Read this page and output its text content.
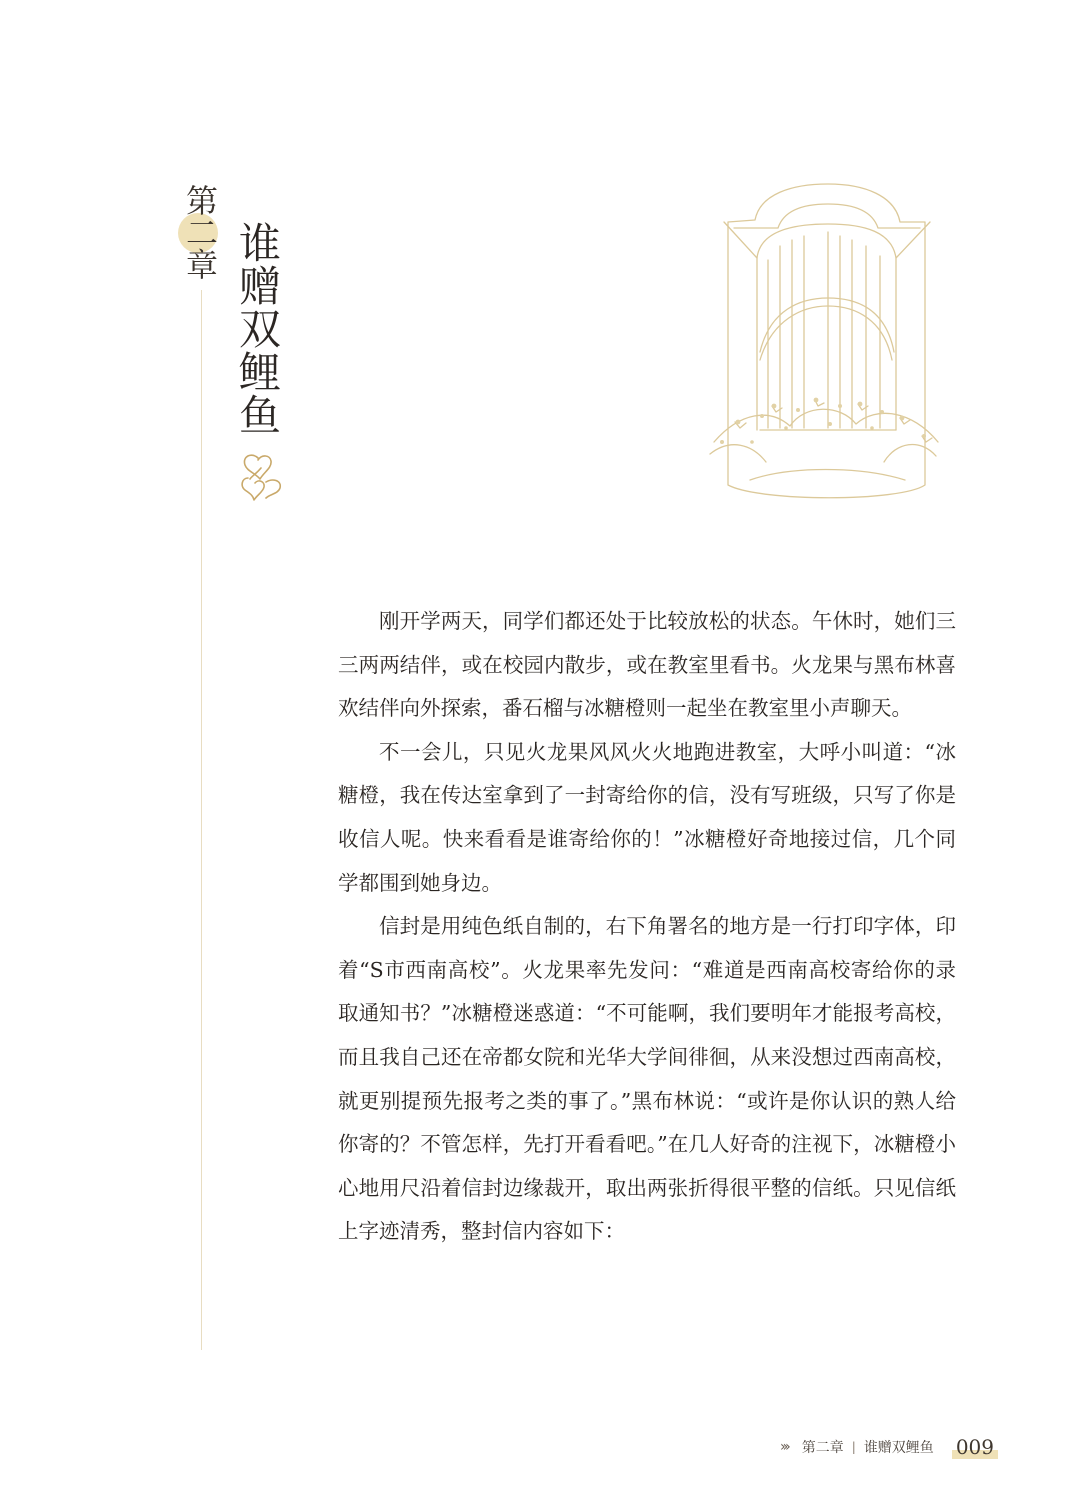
第
二
章 谁
赠
双
鲤
鱼

刚开学两天，同学们都还处于比较放松的状态。午休时，她们三三两两结伴，或在校园内散步，或在教室里看书。火龙果与黑布林喜欢结伴向外探索，番石榴与冰糖橙则一起坐在教室里小声聊天。

不一会儿，只见火龙果风风火火地跑进教室，大呼小叫道：“冰糖橙，我在传达室拿到了一封寄给你的信，没有写班级，只写了你是收信人呢。快来看看是谁寄给你的！”冰糖橙好奇地接过信，几个同学都围到她身边。

信封是用纯色纸自制的，右下角署名的地方是一行打印字体，印着“S市西南高校”。火龙果率先发问：“难道是西南高校寄给你的录取通知书？”冰糖橙迷惑道：“不可能啊，我们要明年才能报考高校，而且我自己还在帝都女院和光华大学间徘徊，从来没想过西南高校，就更别提预先报考之类的事了。”黑布林说：“或许是你认识的熟人给你寄的？不管怎样，先打开看看吧。”在几人好奇的注视下，冰糖橙小心地用尺沿着信封边缘裁开，取出两张折得很平整的信纸。只见信纸上字迹清秀，整封信内容如下：

››› 第二章 | 谁赠双鲤鱼 009
